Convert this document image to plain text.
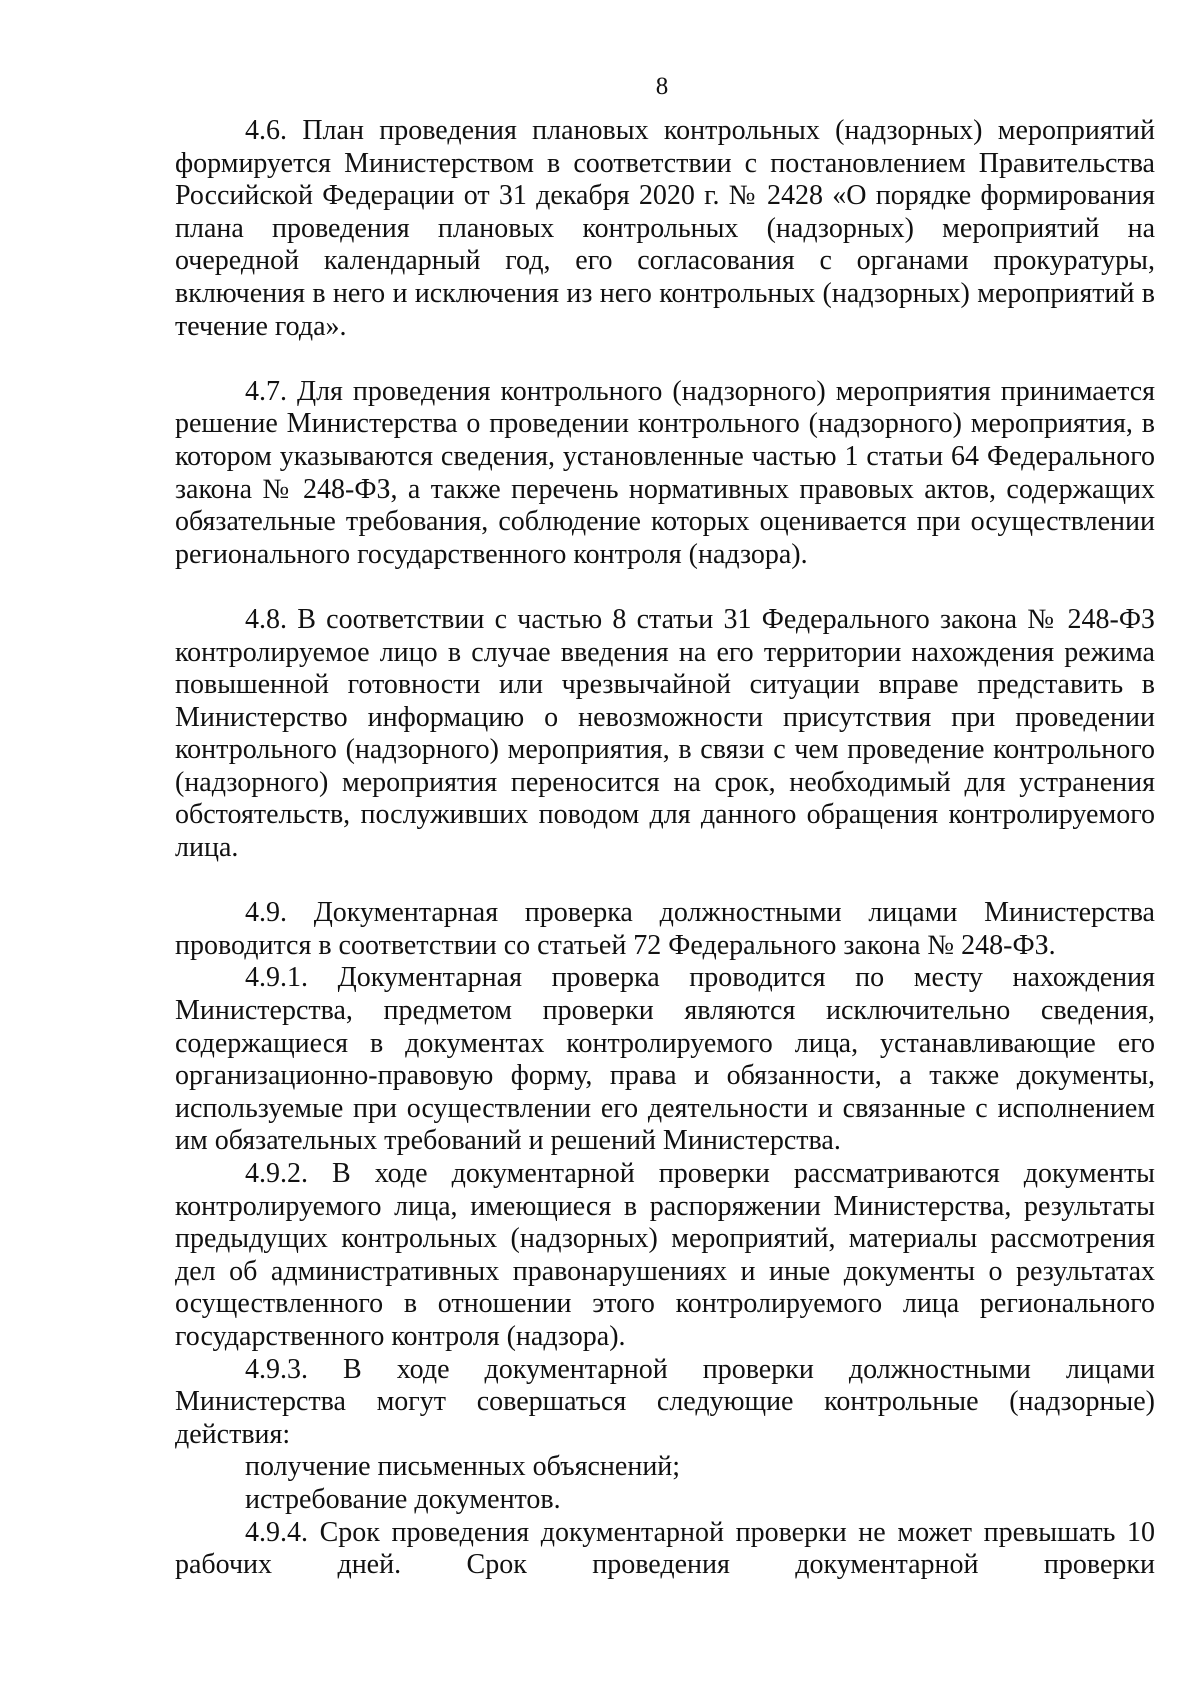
8

4.6. План проведения плановых контрольных (надзорных) мероприятий формируется Министерством в соответствии с постановлением Правительства Российской Федерации от 31 декабря 2020 г. № 2428 «О порядке формирования плана проведения плановых контрольных (надзорных) мероприятий на очередной календарный год, его согласования с органами прокуратуры, включения в него и исключения из него контрольных (надзорных) мероприятий в течение года».

4.7. Для проведения контрольного (надзорного) мероприятия принимается решение Министерства о проведении контрольного (надзорного) мероприятия, в котором указываются сведения, установленные частью 1 статьи 64 Федерального закона № 248-ФЗ, а также перечень нормативных правовых актов, содержащих обязательные требования, соблюдение которых оценивается при осуществлении регионального государственного контроля (надзора).

4.8. В соответствии с частью 8 статьи 31 Федерального закона № 248-ФЗ контролируемое лицо в случае введения на его территории нахождения режима повышенной готовности или чрезвычайной ситуации вправе представить в Министерство информацию о невозможности присутствия при проведении контрольного (надзорного) мероприятия, в связи с чем проведение контрольного (надзорного) мероприятия переносится на срок, необходимый для устранения обстоятельств, послуживших поводом для данного обращения контролируемого лица.

4.9. Документарная проверка должностными лицами Министерства проводится в соответствии со статьей 72 Федерального закона № 248-ФЗ.

4.9.1. Документарная проверка проводится по месту нахождения Министерства, предметом проверки являются исключительно сведения, содержащиеся в документах контролируемого лица, устанавливающие его организационно-правовую форму, права и обязанности, а также документы, используемые при осуществлении его деятельности и связанные с исполнением им обязательных требований и решений Министерства.

4.9.2. В ходе документарной проверки рассматриваются документы контролируемого лица, имеющиеся в распоряжении Министерства, результаты предыдущих контрольных (надзорных) мероприятий, материалы рассмотрения дел об административных правонарушениях и иные документы о результатах осуществленного в отношении этого контролируемого лица регионального государственного контроля (надзора).

4.9.3. В ходе документарной проверки должностными лицами Министерства могут совершаться следующие контрольные (надзорные) действия:

получение письменных объяснений;

истребование документов.

4.9.4. Срок проведения документарной проверки не может превышать 10 рабочих дней. Срок проведения документарной проверки
